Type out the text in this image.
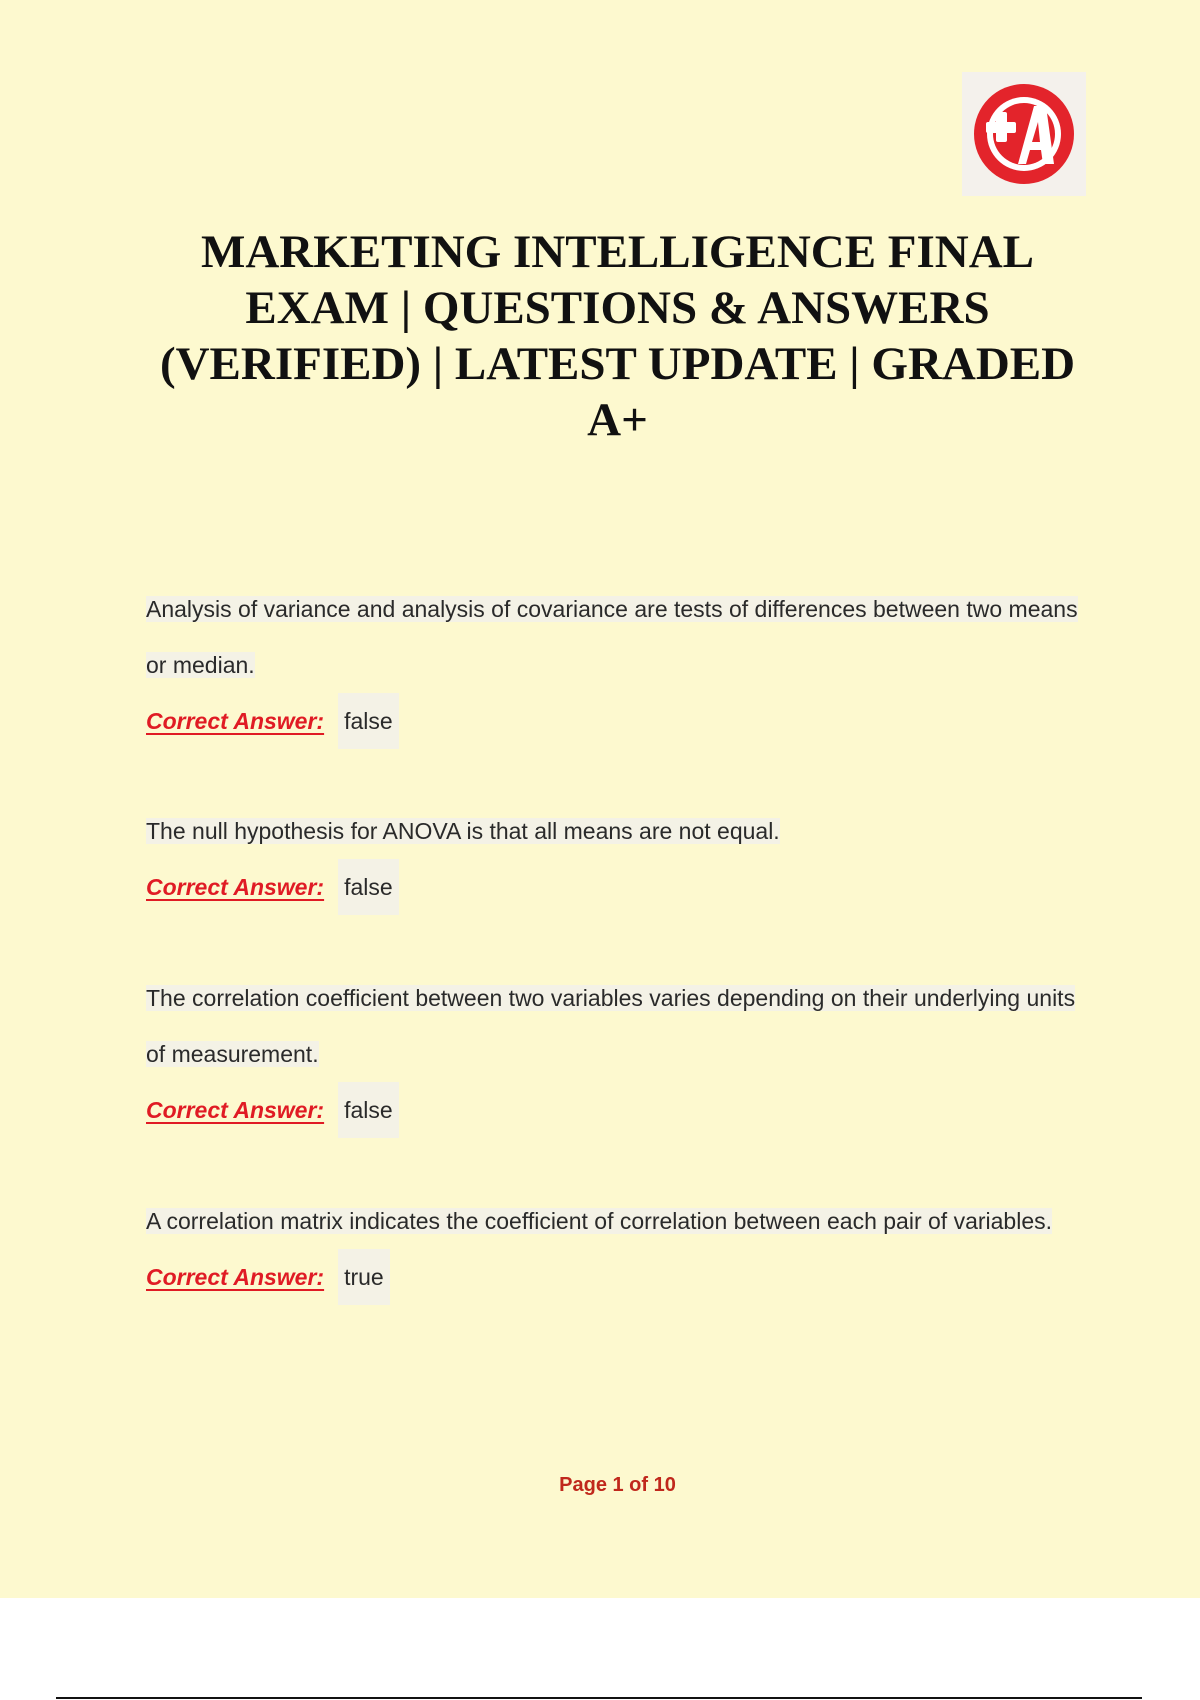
MARKETING INTELLIGENCE FINAL
EXAM | QUESTIONS & ANSWERS
(VERIFIED) | LATEST UPDATE | GRADED
A+

Analysis of variance and analysis of covariance are tests of differences between two means or median.

Correct Answer: false

The null hypothesis for ANOVA is that all means are not equal.

Correct Answer: false

The correlation coefficient between two variables varies depending on their underlying units of measurement.

Correct Answer: false

A correlation matrix indicates the coefficient of correlation between each pair of variables.

Correct Answer: true
Page 1 of 10
